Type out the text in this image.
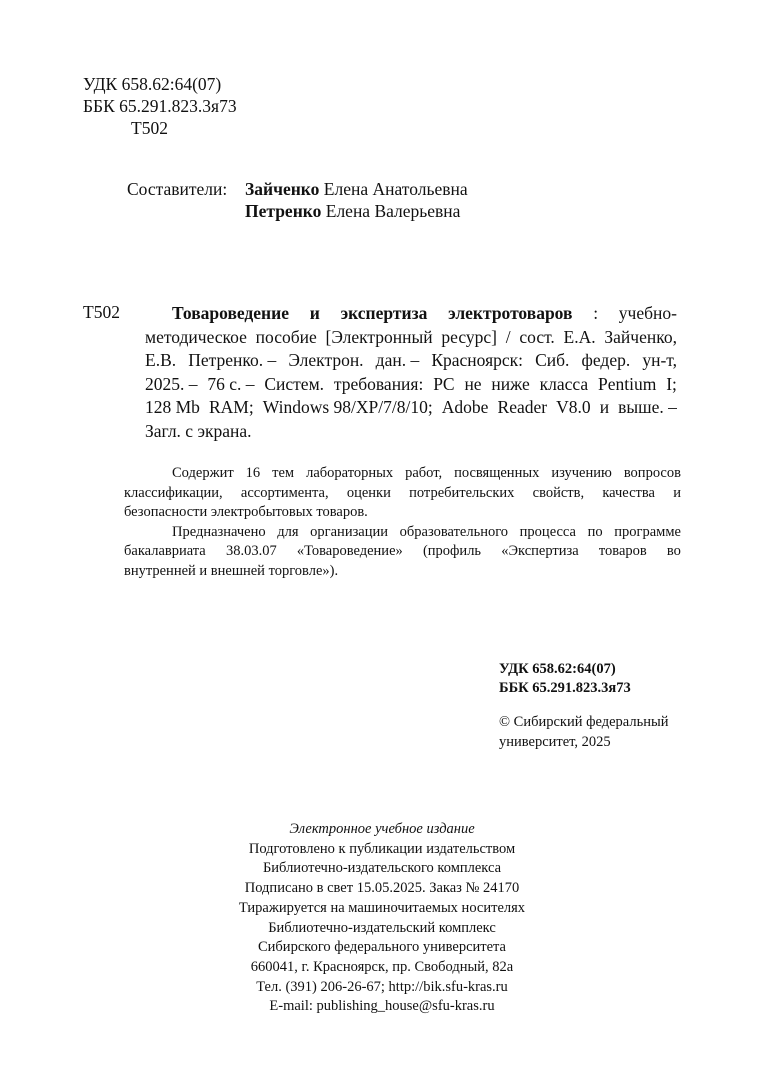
УДК 658.62:64(07)
ББК 65.291.823.3я73
Т502
Составители: Зайченко Елена Анатольевна
Петренко Елена Валерьевна
Т502	Товароведение и экспертиза электротоваров : учебно-
методическое пособие [Электронный ресурс] / сост. Е.А. Зайченко,
Е.В. Петренко. – Электрон. дан. – Красноярск: Сиб. федер. ун-т,
2025. – 76 с. – Систем. требования: PC не ниже класса Pentium I;
128 Mb RAM; Windows 98/XP/7/8/10; Adobe Reader V8.0 и выше. –
Загл. с экрана.
Содержит 16 тем лабораторных работ, посвященных изучению вопросов
классификации, ассортимента, оценки потребительских свойств, качества и
безопасности электробытовых товаров.
Предназначено для организации образовательного процесса по программе
бакалавриата 38.03.07 «Товароведение» (профиль «Экспертиза товаров во
внутренней и внешней торговле»).
УДК 658.62:64(07)
ББК 65.291.823.3я73
© Сибирский федеральный
университет, 2025
Электронное учебное издание
Подготовлено к публикации издательством
Библиотечно-издательского комплекса
Подписано в свет 15.05.2025. Заказ № 24170
Тиражируется на машиночитаемых носителях
Библиотечно-издательский комплекс
Сибирского федерального университета
660041, г. Красноярск, пр. Свободный, 82а
Тел. (391) 206-26-67; http://bik.sfu-kras.ru
E-mail: publishing_house@sfu-kras.ru
